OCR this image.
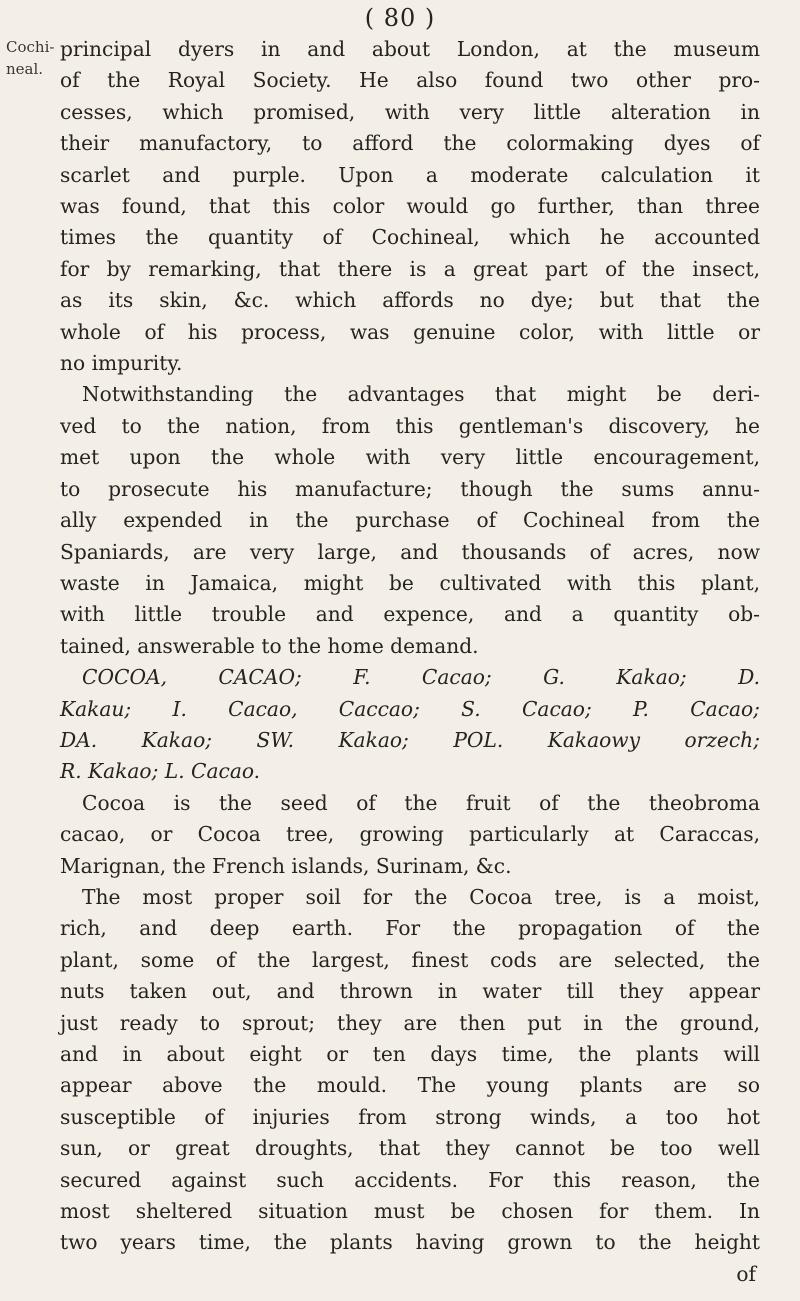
( 80 )
Cochi-
neal.
principal dyers in and about London, at the museum
of the Royal Society. He also found two other pro-
cesses, which promised, with very little alteration in
their manufactory, to afford the colormaking dyes of
scarlet and purple. Upon a moderate calculation it
was found, that this color would go further, than three
times the quantity of Cochineal, which he accounted
for by remarking, that there is a great part of the insect,
as its skin, &c. which affords no dye; but that the
whole of his process, was genuine color, with little or
no impurity.
Notwithstanding the advantages that might be deri-
ved to the nation, from this gentleman's discovery, he
met upon the whole with very little encouragement,
to prosecute his manufacture; though the sums annu-
ally expended in the purchase of Cochineal from the
Spaniards, are very large, and thousands of acres, now
waste in Jamaica, might be cultivated with this plant,
with little trouble and expence, and a quantity ob-
tained, answerable to the home demand.
COCOA, CACAO; F. Cacao; G. Kakao; D.
Kakau; I. Cacao, Caccao; S. Cacao; P. Cacao;
DA. Kakao; SW. Kakao; POL. Kakaowy orzech;
R. Kakao; L. Cacao.
Cocoa is the seed of the fruit of the theobroma
cacao, or Cocoa tree, growing particularly at Caraccas,
Marignan, the French islands, Surinam, &c.
The most proper soil for the Cocoa tree, is a moist,
rich, and deep earth. For the propagation of the
plant, some of the largest, finest cods are selected, the
nuts taken out, and thrown in water till they appear
just ready to sprout; they are then put in the ground,
and in about eight or ten days time, the plants will
appear above the mould. The young plants are so
susceptible of injuries from strong winds, a too hot
sun, or great droughts, that they cannot be too well
secured against such accidents. For this reason, the
most sheltered situation must be chosen for them. In
two years time, the plants having grown to the height
of
